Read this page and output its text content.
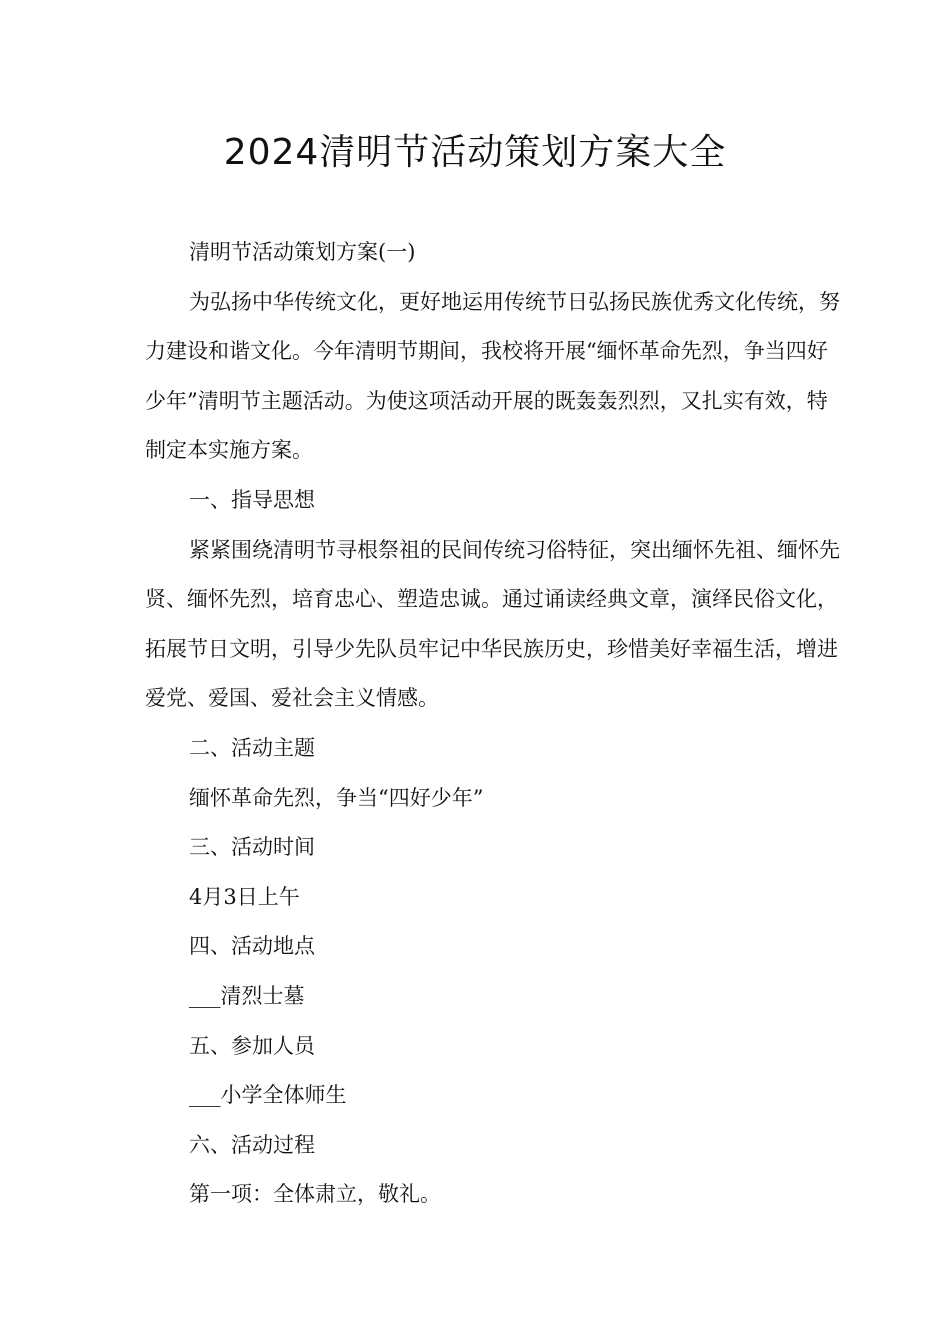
2024清明节活动策划方案大全

清明节活动策划方案(一)

为弘扬中华传统文化，更好地运用传统节日弘扬民族优秀文化传统，努力建设和谐文化。今年清明节期间，我校将开展“缅怀革命先烈，争当四好少年”清明节主题活动。为使这项活动开展的既轰轰烈烈，又扎实有效，特制定本实施方案。

一、指导思想

紧紧围绕清明节寻根祭祖的民间传统习俗特征，突出缅怀先祖、缅怀先贤、缅怀先烈，培育忠心、塑造忠诚。通过诵读经典文章，演绎民俗文化，拓展节日文明，引导少先队员牢记中华民族历史，珍惜美好幸福生活，增进爱党、爱国、爱社会主义情感。

二、活动主题

缅怀革命先烈，争当“四好少年”

三、活动时间

4月3日上午

四、活动地点

___清烈士墓

五、参加人员

___小学全体师生

六、活动过程

第一项：全体肃立，敬礼。
